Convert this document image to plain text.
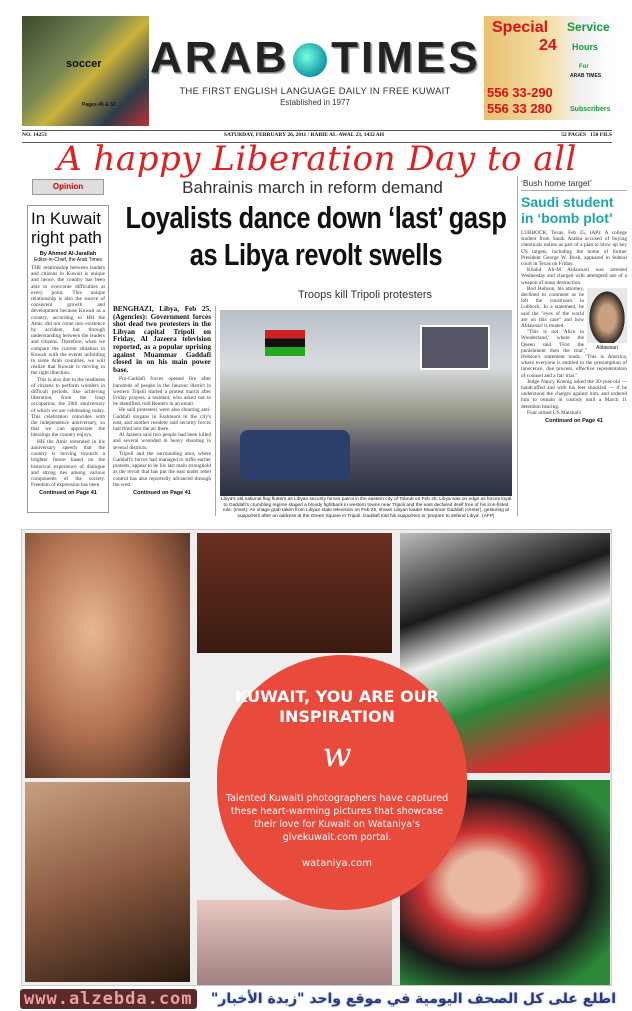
soccer
Pages 49 & 52
ARAB TIMES
THE FIRST ENGLISH LANGUAGE DAILY IN FREE KUWAIT
Established in 1977
Special Service
24 Hours
For
ARAB TIMES
556 33-290
556 33 280	Subscribers
NO. 14253	SATURDAY, FEBRUARY 26, 2011 / RABIE AL-AWAL 23, 1432 AH	52 PAGES 150 FILS
A happy Liberation Day to all
Opinion
In Kuwait right path
By Ahmed Al-Jarallah
Editor-in-Chief, the Arab Times

THE relationship between leaders and citizens in Kuwait is unique and hence, the country has been able to overcome difficulties at every point. This unique relationship is also the source of consistent growth and development because Kuwait as a country, according to HH the Amir, did not come into existence by accident, but through understanding between the leaders and citizens. Therefore, when we compare the current situation in Kuwait with the events unfolding in some Arab countries, we will realize that Kuwait is moving in the right direction.

This is also due to the readiness of citizens to perform wonders in difficult periods, like achieving liberation, from the Iraqi occupation, the 20th anniversary of which we are celebrating today. This celebration coincides with the independence anniversary, so that we can appreciate the blessings the country enjoys.

HH the Amir reiterated in his anniversary speech that the country is moving towards a brighter future based on the historical experience of dialogue and strong ties among various components of the society. Freedom of expression has been

Continued on Page 41
Bahrainis march in reform demand
Loyalists dance down ‘last’ gasp as Libya revolt swells
Troops kill Tripoli protesters

BENGHAZI, Libya, Feb 25, (Agencies): Government forces shot dead two protesters in the Libyan capital Tripoli on Friday, Al Jazeera television reported, as a popular uprising against Muammar Gaddafi closed in on his main power base.

Pro-Gaddafi forces opened fire after hundreds of people in the Janzour district in western Tripoli started a protest march after Friday prayers, a resident, who asked not to be identified, told Reuters in an email.

He said protesters were also shouting anti-Gaddafi slogans in Fashloum in the city's east, and another resident said security forces had fired into the air there.

Al Jazeera said two people had been killed and several wounded in heavy shooting in several districts.

Tripoli and the surrounding area, where Gaddafi's forces had managed to stifle earlier protests, appear to be his last main stronghold as the revolt that has put the east under rebel control has also reportedly advanced through the west.

Continued on Page 41
Libya's old national flag flutters as Libyan security forces patrol in the eastern city of Tobruk on Feb 25. Libya was on edge as forces loyal to Gaddafi's crumbling regime staged a bloody fightback in western towns near Tripoli and the east declared itself free of his iron-fisted rule. (Inset): An image grab taken from Libyan state television on Feb 25, shows Libyan leader Muammar Gaddafi (center), gesturing at supporters after an address at the Green Square in Tripoli. Gaddafi told his supporters to 'prepare to defend Libya'. (AFP)
‘Bush home target’
Saudi student in ‘bomb plot’

LUBBOCK, Texas, Feb 25, (AP): A college student from Saudi Arabia accused of buying chemicals online as part of a plan to blow up key US targets, including the home of former President George W. Bush, appeared in federal court in Texas on Friday.

Khalid Ali-M Aldawsari was arrested Wednesday and charged with attempted use of a weapon of mass destruction.

Aldawsari

Rod Hobson, his attorney, declined to comment as he left the courtroom in Lubbock. In a statement, he said the "eyes of the world are on this case" and how Aldawsari is treated.

"This is not 'Alice in Wonderland,' where the Queen said 'First the punishment then the trial'," Hobson's statement reads. "This is America, where everyone is entitled to the presumption of innocence, due process, effective representation of counsel and a fair trial."

Judge Nancy Koenig asked the 20-year-old — handcuffed and with his feet shackled — if he understood the charges against him, and ordered him to remain in custody until a March 11 detention hearing.

Four armed US Marshal's

Continued on Page 41
KUWAIT, YOU ARE OUR INSPIRATION
w
Talented Kuwaiti photographers have captured these heart-warming pictures that showcase their love for Kuwait on Wataniya's givekuwait.com portal.
wataniya.com
www.alzebda.com اطلع على كل الصحف اليومية في موقع واحد "زبدة الأخبار"
